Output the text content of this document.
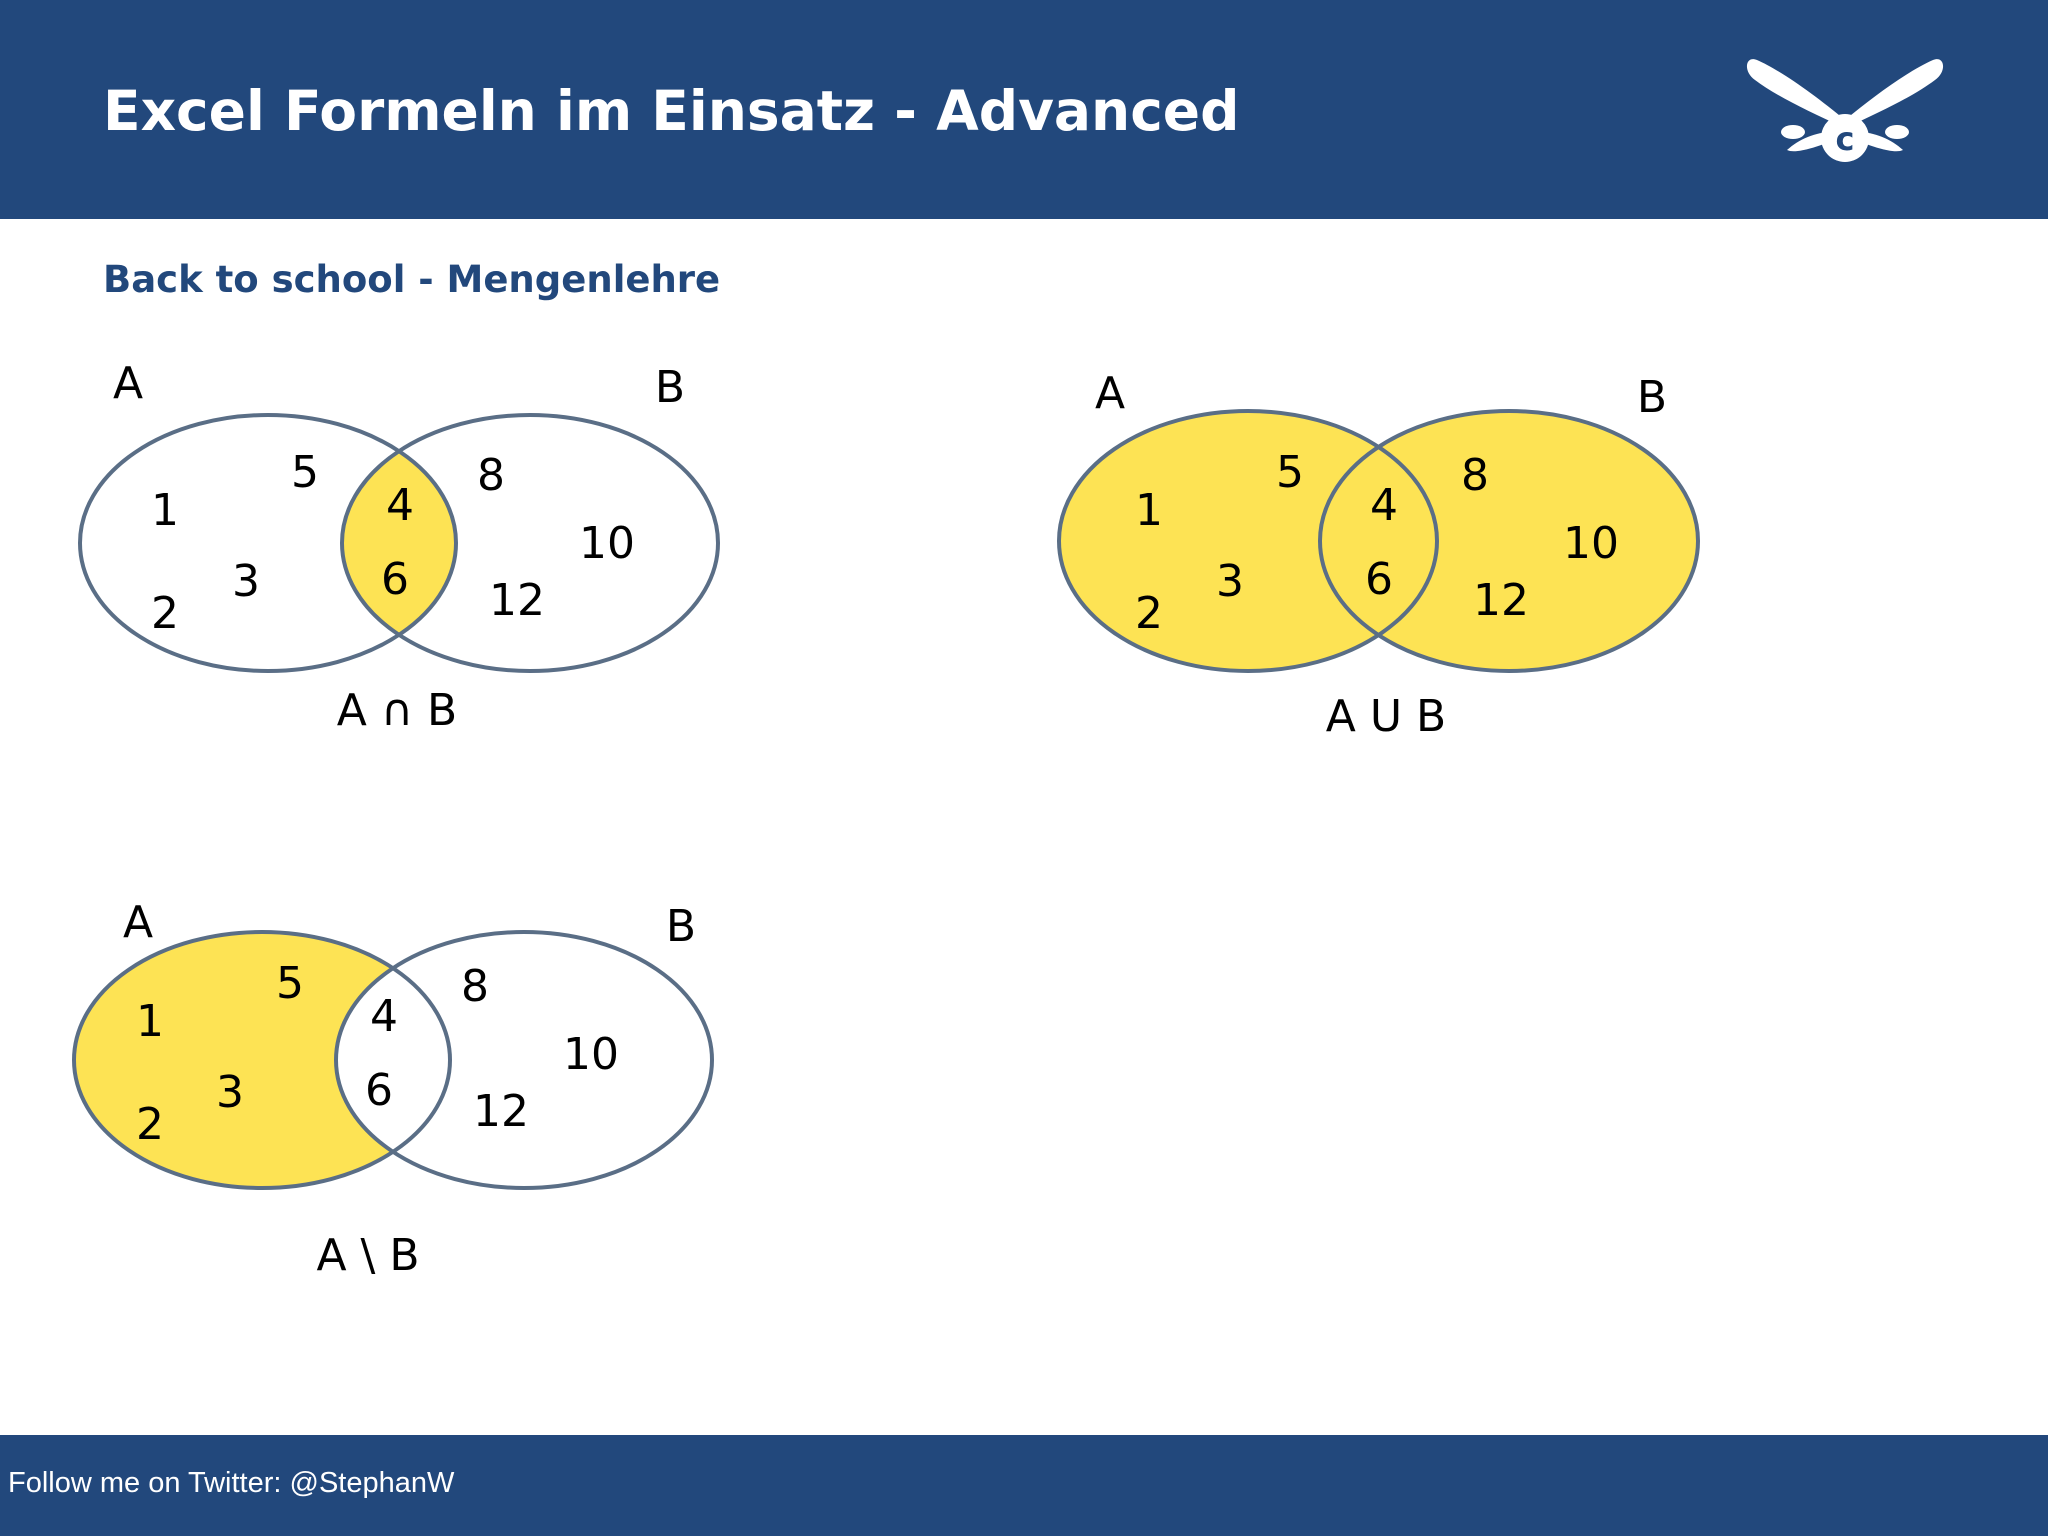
Excel Formeln im Einsatz - Advanced	c
Back to school - Mengenlehre
A	B
1
2
3
5
4
6
8
10
12
A ∩ B
A	B
1
2
3
5
4
6
8
10
12
A U B
A	B
1
2
3
5
4
6
8
10
12
A \ B
Follow me on Twitter: @StephanW
